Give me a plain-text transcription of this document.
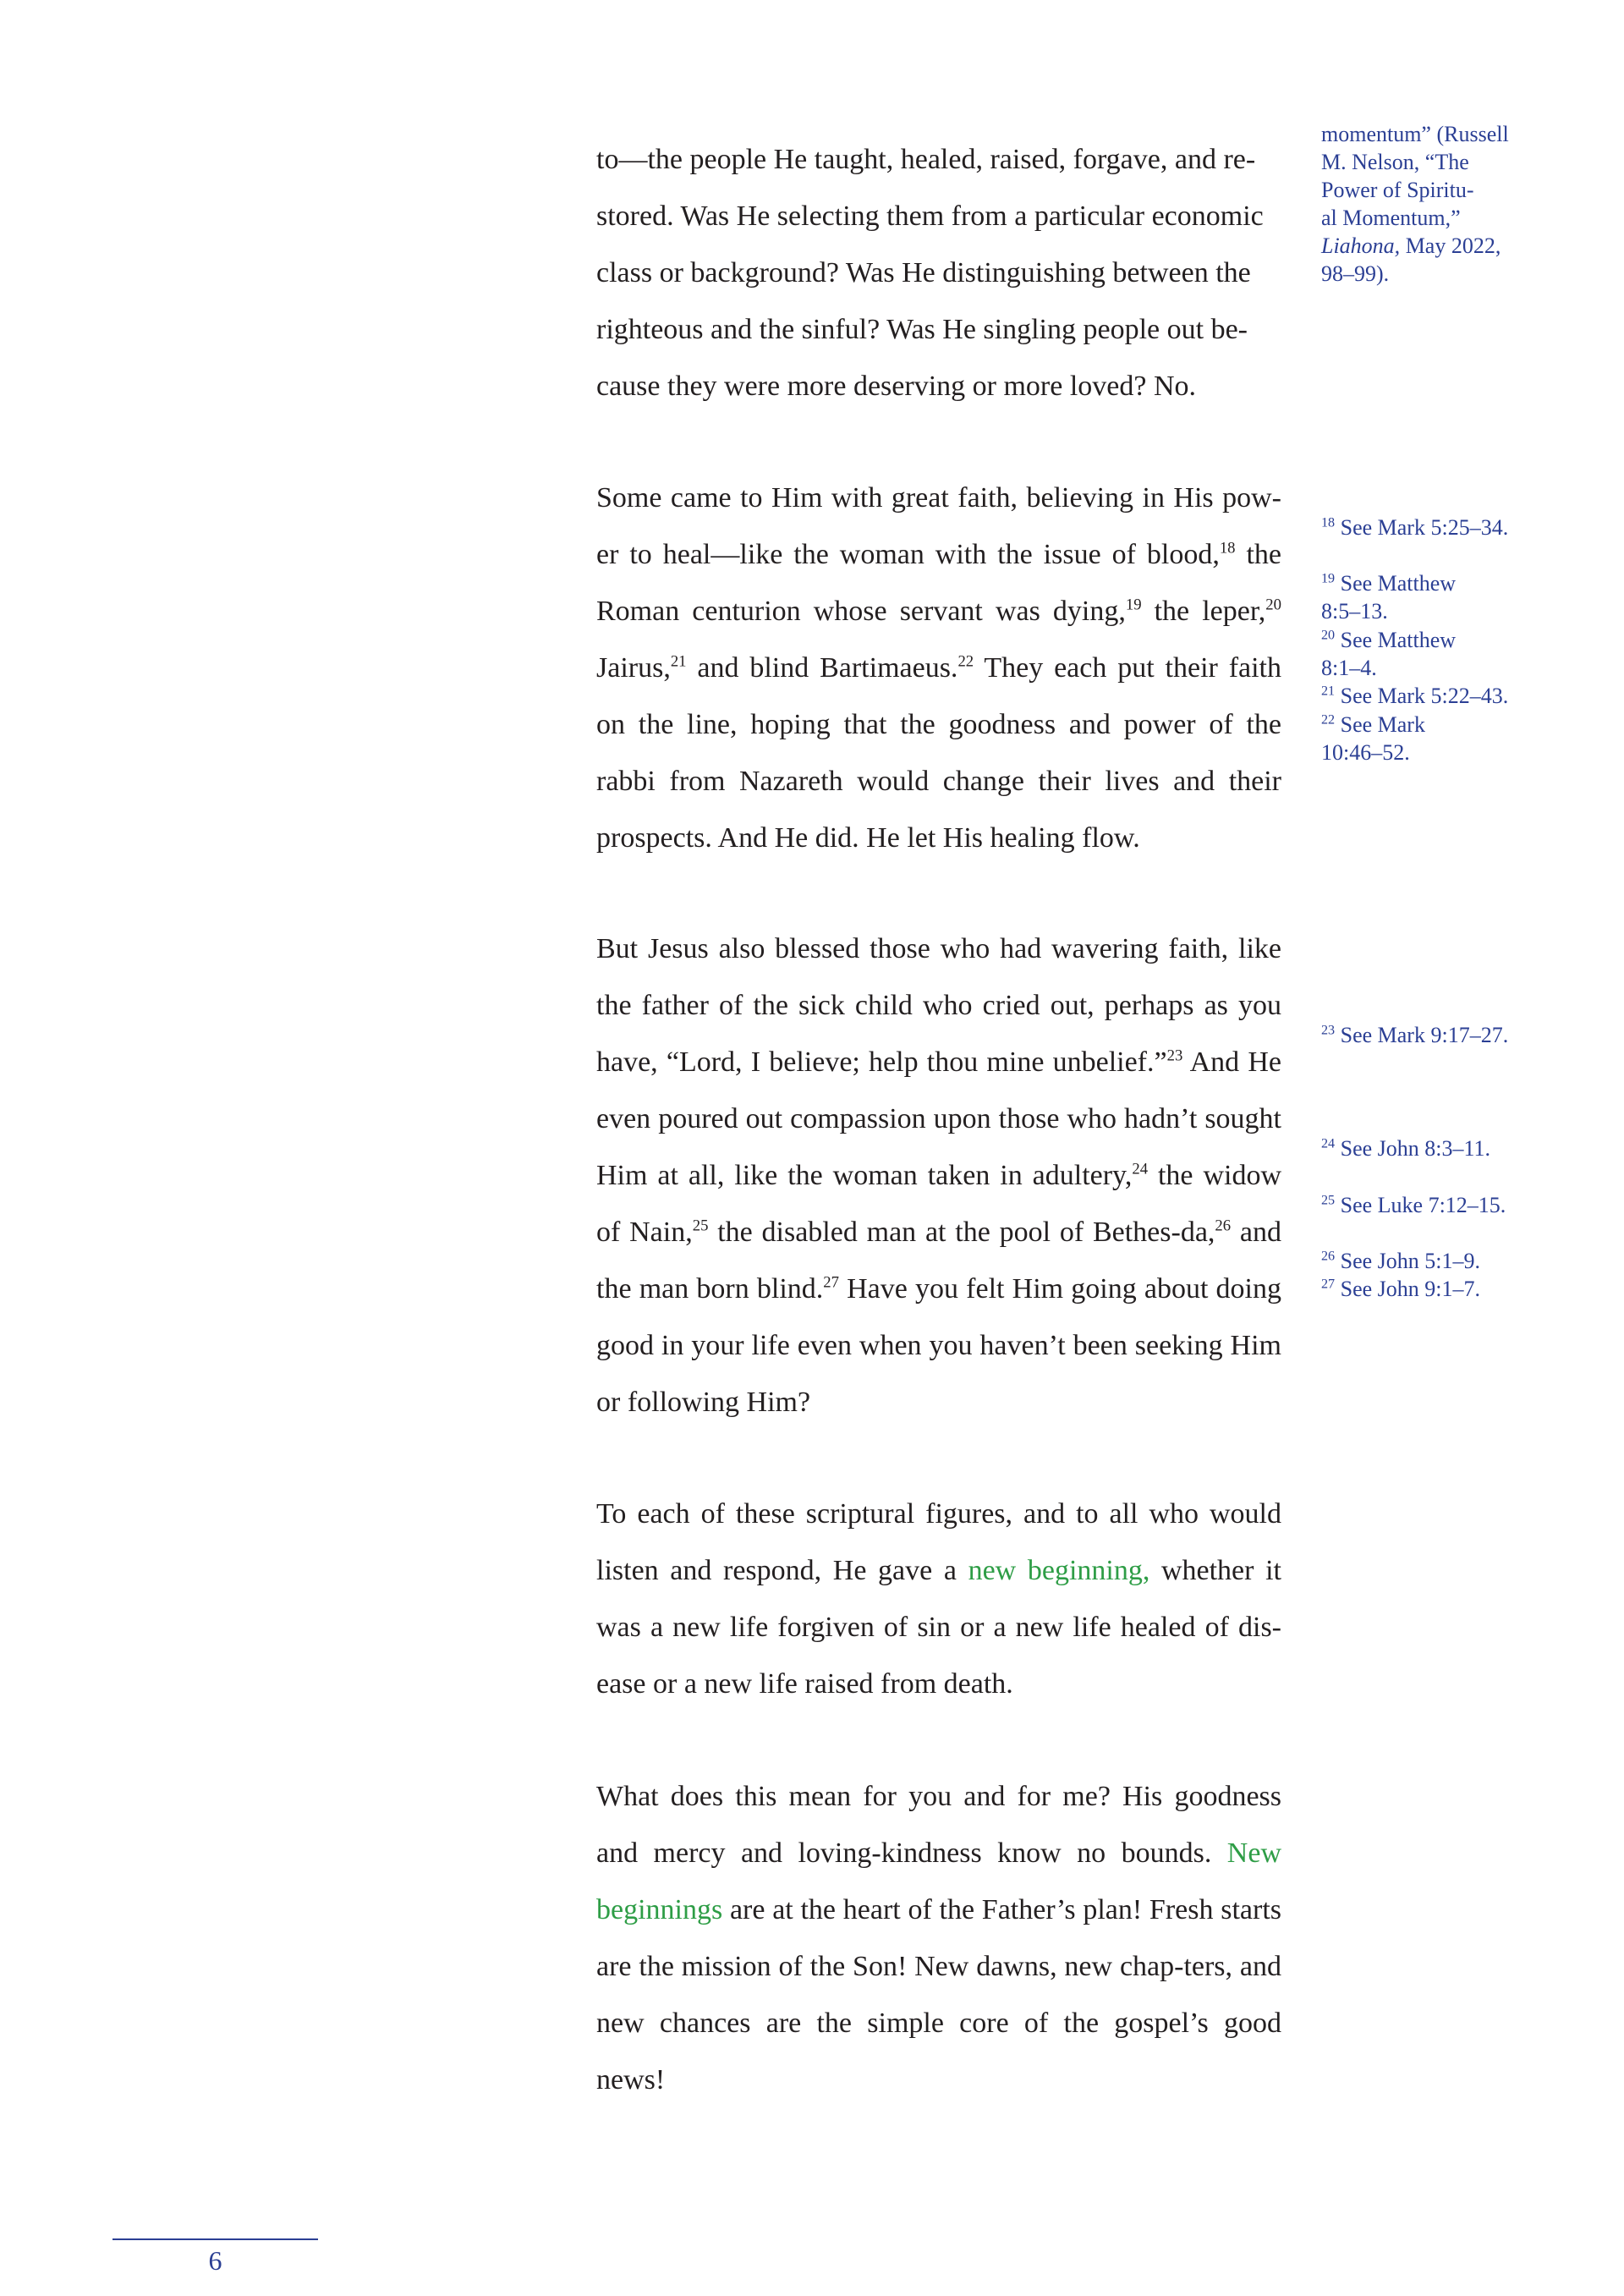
to—the people He taught, healed, raised, forgave, and re-
stored. Was He selecting them from a particular economic
class or background? Was He distinguishing between the
righteous and the sinful? Was He singling people out be-
cause they were more deserving or more loved? No.

Some came to Him with great faith, believing in His pow-er to heal—like the woman with the issue of blood,$^{18}$ the Roman centurion whose servant was dying,$^{19}$ the leper,$^{20}$ Jairus,$^{21}$ and blind Bartimaeus.$^{22}$ They each put their faith on the line, hoping that the goodness and power of the rabbi from Nazareth would change their lives and their prospects. And He did. He let His healing flow.

But Jesus also blessed those who had wavering faith, like the father of the sick child who cried out, perhaps as you have, “Lord, I believe; help thou mine unbelief.”$^{23}$ And He even poured out compassion upon those who hadn’t sought Him at all, like the woman taken in adultery,$^{24}$ the widow of Nain,$^{25}$ the disabled man at the pool of Bethes-da,$^{26}$ and the man born blind.$^{27}$ Have you felt Him going about doing good in your life even when you haven’t been seeking Him or following Him?

To each of these scriptural figures, and to all who would listen and respond, He gave a new beginning, whether it was a new life forgiven of sin or a new life healed of dis-ease or a new life raised from death.

What does this mean for you and for me? His goodness and mercy and loving-kindness know no bounds. New beginnings are at the heart of the Father’s plan! Fresh starts are the mission of the Son! New dawns, new chap-ters, and new chances are the simple core of the gospel’s good news!

momentum” (Russell
M. Nelson, “The
Power of Spiritu-
al Momentum,”
Liahona, May 2022,
98–99).
$^{18}$ See Mark 5:25–34.
$^{19}$ See Matthew
8:5–13.
$^{20}$ See Matthew
8:1–4.
$^{21}$ See Mark 5:22–43.
$^{22}$ See Mark
10:46–52.
$^{23}$ See Mark 9:17–27.
$^{24}$ See John 8:3–11.
$^{25}$ See Luke 7:12–15.
$^{26}$ See John 5:1–9.
$^{27}$ See John 9:1–7.
6
